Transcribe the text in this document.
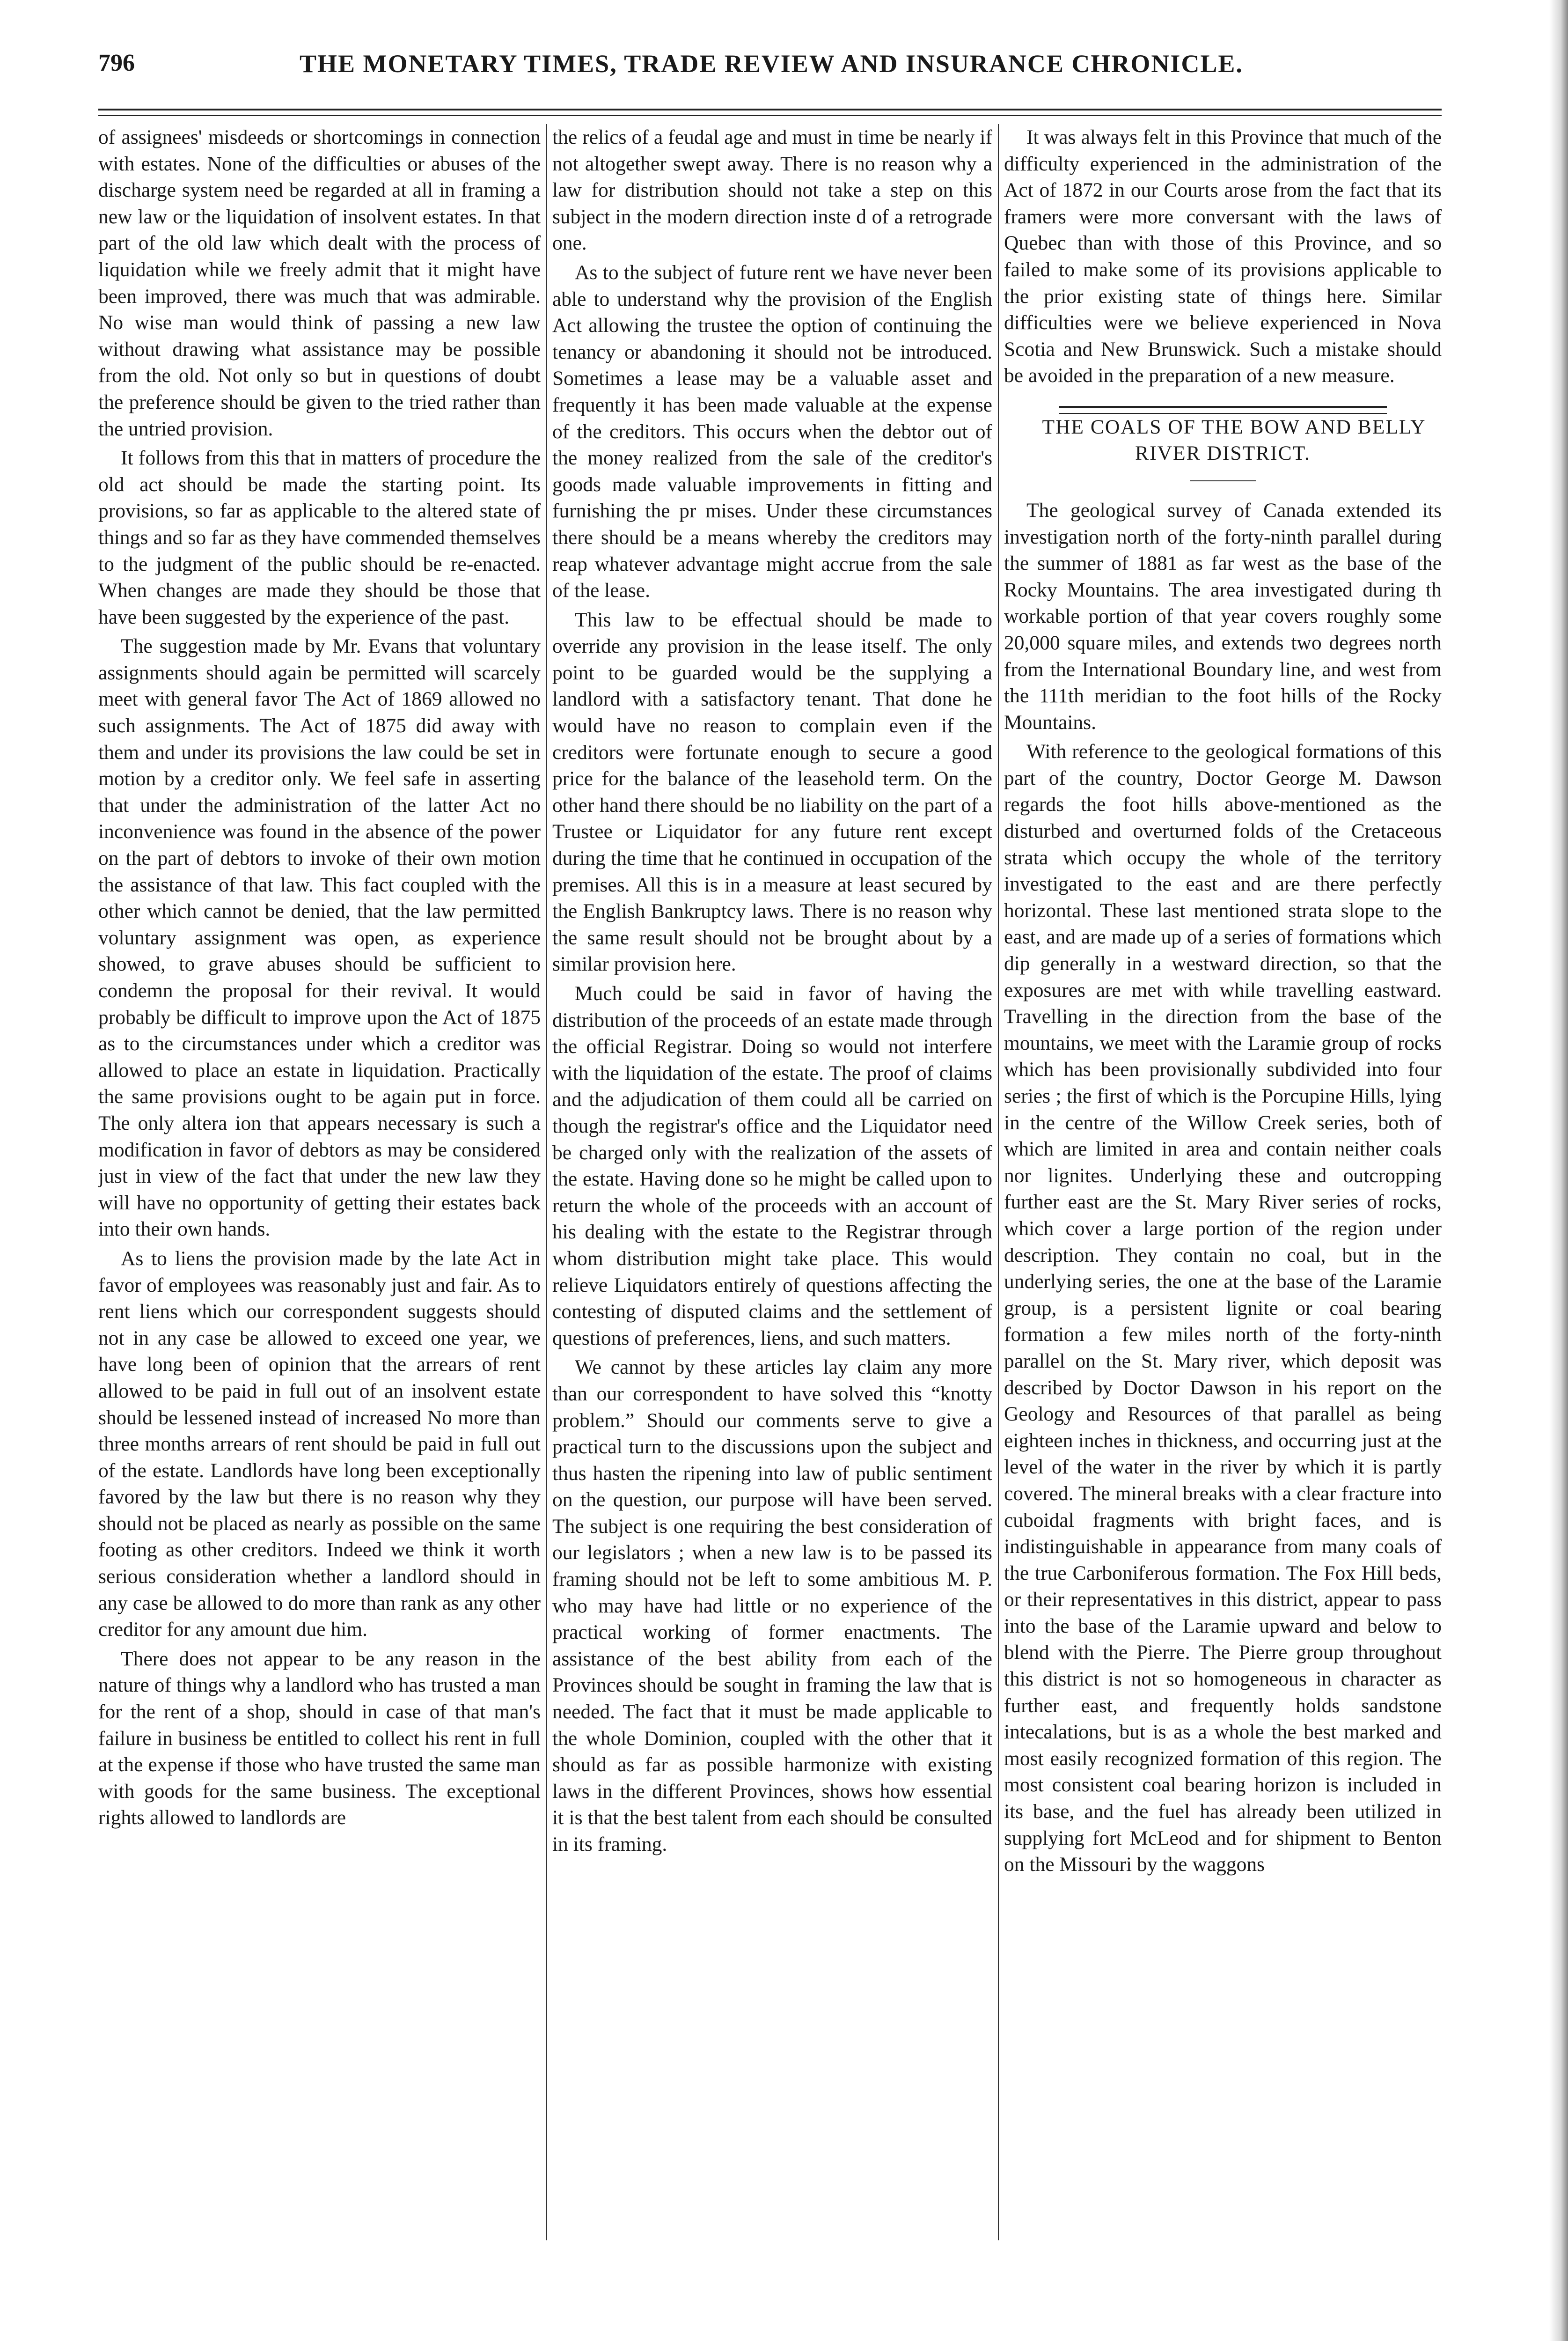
796	THE MONETARY TIMES, TRADE REVIEW AND INSURANCE CHRONICLE.

of assignees' misdeeds or shortcomings in connection with estates. None of the difficulties or abuses of the discharge system need be regarded at all in framing a new law or the liquidation of insolvent estates. In that part of the old law which dealt with the process of liquidation while we freely admit that it might have been improved, there was much that was admirable. No wise man would think of passing a new law without drawing what assistance may be possible from the old. Not only so but in questions of doubt the preference should be given to the tried rather than the untried provision.

It follows from this that in matters of procedure the old act should be made the starting point. Its provisions, so far as applicable to the altered state of things and so far as they have commended themselves to the judgment of the public should be re-enacted. When changes are made they should be those that have been suggested by the experience of the past.

The suggestion made by Mr. Evans that voluntary assignments should again be permitted will scarcely meet with general favor The Act of 1869 allowed no such assignments. The Act of 1875 did away with them and under its provisions the law could be set in motion by a creditor only. We feel safe in asserting that under the administration of the latter Act no inconvenience was found in the absence of the power on the part of debtors to invoke of their own motion the assistance of that law. This fact coupled with the other which cannot be denied, that the law permitted voluntary assignment was open, as experience showed, to grave abuses should be sufficient to condemn the proposal for their revival. It would probably be difficult to improve upon the Act of 1875 as to the circumstances under which a creditor was allowed to place an estate in liquidation. Practically the same provisions ought to be again put in force. The only altera ion that appears necessary is such a modification in favor of debtors as may be considered just in view of the fact that under the new law they will have no opportunity of getting their estates back into their own hands.

As to liens the provision made by the late Act in favor of employees was reasonably just and fair. As to rent liens which our correspondent suggests should not in any case be allowed to exceed one year, we have long been of opinion that the arrears of rent allowed to be paid in full out of an insolvent estate should be lessened instead of increased No more than three months arrears of rent should be paid in full out of the estate. Landlords have long been exceptionally favored by the law but there is no reason why they should not be placed as nearly as possible on the same footing as other creditors. Indeed we think it worth serious consideration whether a landlord should in any case be allowed to do more than rank as any other creditor for any amount due him.

There does not appear to be any reason in the nature of things why a landlord who has trusted a man for the rent of a shop, should in case of that man's failure in business be entitled to collect his rent in full at the expense if those who have trusted the same man with goods for the same business. The exceptional rights allowed to landlords are

the relics of a feudal age and must in time be nearly if not altogether swept away. There is no reason why a law for distribution should not take a step on this subject in the modern direction inste d of a retrograde one.

As to the subject of future rent we have never been able to understand why the provision of the English Act allowing the trustee the option of continuing the tenancy or abandoning it should not be introduced. Sometimes a lease may be a valuable asset and frequently it has been made valuable at the expense of the creditors. This occurs when the debtor out of the money realized from the sale of the creditor's goods made valuable improvements in fitting and furnishing the pr mises. Under these circumstances there should be a means whereby the creditors may reap whatever advantage might accrue from the sale of the lease.

This law to be effectual should be made to override any provision in the lease itself. The only point to be guarded would be the supplying a landlord with a satisfactory tenant. That done he would have no reason to complain even if the creditors were fortunate enough to secure a good price for the balance of the leasehold term. On the other hand there should be no liability on the part of a Trustee or Liquidator for any future rent except during the time that he continued in occupation of the premises. All this is in a measure at least secured by the English Bankruptcy laws. There is no reason why the same result should not be brought about by a similar provision here.

Much could be said in favor of having the distribution of the proceeds of an estate made through the official Registrar. Doing so would not interfere with the liquidation of the estate. The proof of claims and the adjudication of them could all be carried on though the registrar's office and the Liquidator need be charged only with the realization of the assets of the estate. Having done so he might be called upon to return the whole of the proceeds with an account of his dealing with the estate to the Registrar through whom distribution might take place. This would relieve Liquidators entirely of questions affecting the contesting of disputed claims and the settlement of questions of preferences, liens, and such matters.

We cannot by these articles lay claim any more than our correspondent to have solved this “knotty problem.” Should our comments serve to give a practical turn to the discussions upon the subject and thus hasten the ripening into law of public sentiment on the question, our purpose will have been served. The subject is one requiring the best consideration of our legislators ; when a new law is to be passed its framing should not be left to some ambitious M. P. who may have had little or no experience of the practical working of former enactments. The assistance of the best ability from each of the Provinces should be sought in framing the law that is needed. The fact that it must be made applicable to the whole Dominion, coupled with the other that it should as far as possible harmonize with existing laws in the different Provinces, shows how essential it is that the best talent from each should be consulted in its framing.

It was always felt in this Province that much of the difficulty experienced in the administration of the Act of 1872 in our Courts arose from the fact that its framers were more conversant with the laws of Quebec than with those of this Province, and so failed to make some of its provisions applicable to the prior existing state of things here. Similar difficulties were we believe experienced in Nova Scotia and New Brunswick. Such a mistake should be avoided in the preparation of a new measure.

THE COALS OF THE BOW AND BELLY RIVER DISTRICT.

The geological survey of Canada extended its investigation north of the forty-ninth parallel during the summer of 1881 as far west as the base of the Rocky Mountains. The area investigated during th workable portion of that year covers roughly some 20,000 square miles, and extends two degrees north from the International Boundary line, and west from the 111th meridian to the foot hills of the Rocky Mountains.

With reference to the geological formations of this part of the country, Doctor George M. Dawson regards the foot hills above-mentioned as the disturbed and overturned folds of the Cretaceous strata which occupy the whole of the territory investigated to the east and are there perfectly horizontal. These last mentioned strata slope to the east, and are made up of a series of formations which dip generally in a westward direction, so that the exposures are met with while travelling eastward. Travelling in the direction from the base of the mountains, we meet with the Laramie group of rocks which has been provisionally subdivided into four series ; the first of which is the Porcupine Hills, lying in the centre of the Willow Creek series, both of which are limited in area and contain neither coals nor lignites. Underlying these and outcropping further east are the St. Mary River series of rocks, which cover a large portion of the region under description. They contain no coal, but in the underlying series, the one at the base of the Laramie group, is a persistent lignite or coal bearing formation a few miles north of the forty-ninth parallel on the St. Mary river, which deposit was described by Doctor Dawson in his report on the Geology and Resources of that parallel as being eighteen inches in thickness, and occurring just at the level of the water in the river by which it is partly covered. The mineral breaks with a clear fracture into cuboidal fragments with bright faces, and is indistinguishable in appearance from many coals of the true Carboniferous formation. The Fox Hill beds, or their representatives in this district, appear to pass into the base of the Laramie upward and below to blend with the Pierre. The Pierre group throughout this district is not so homogeneous in character as further east, and frequently holds sandstone intecalations, but is as a whole the best marked and most easily recognized formation of this region. The most consistent coal bearing horizon is included in its base, and the fuel has already been utilized in supplying fort McLeod and for shipment to Benton on the Missouri by the waggons
